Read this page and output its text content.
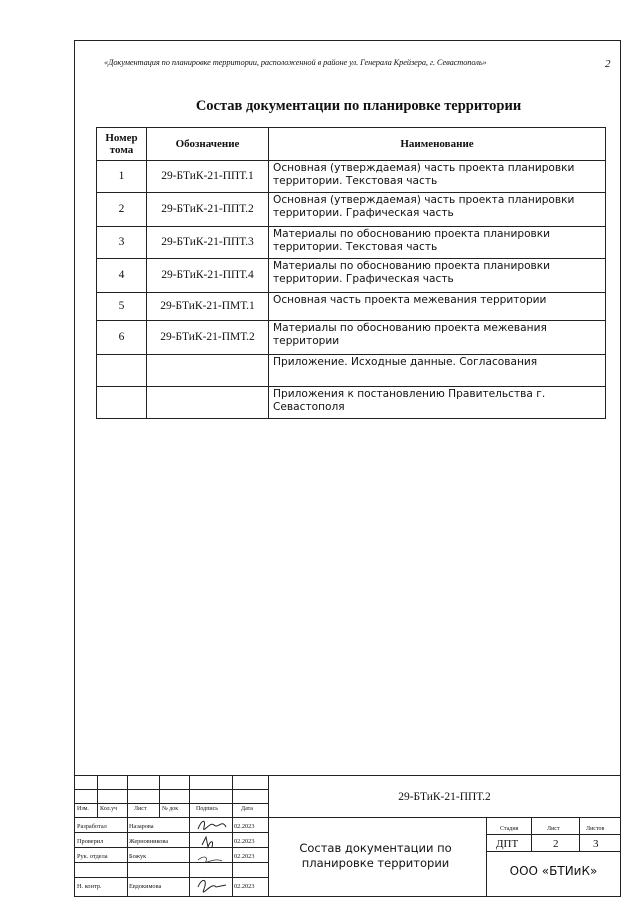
«Документация по планировке территории, расположенной в районе ул. Генерала Крейзера, г. Севастополь»	2
Состав документации по планировке территории
Номер тома	Обозначение	Наименование
1	29-БТиК-21-ППТ.1	Основная (утверждаемая) часть проекта планировки территории. Текстовая часть
2	29-БТиК-21-ППТ.2	Основная (утверждаемая) часть проекта планировки территории. Графическая часть
3	29-БТиК-21-ППТ.3	Материалы по обоснованию проекта планировки территории. Текстовая часть
4	29-БТиК-21-ППТ.4	Материалы по обоснованию проекта планировки территории. Графическая часть
5	29-БТиК-21-ПМТ.1	Основная часть проекта межевания территории
6	29-БТиК-21-ПМТ.2	Материалы по обоснованию проекта межевания территории
		Приложение. Исходные данные. Согласования
		Приложения к постановлению Правительства г. Севастополя
29-БТиК-21-ППТ.2
Состав документации по планировке территории
ООО «БТИиК»
Изм. Кол.уч	Лист	№ док	Подпись	Дата
Разработал	Назарова	02.2023
Проверил	Жерновникова	02.2023
Рук. отдела	Божук	02.2023
Н. контр.	Евдокимова	02.2023
Стадия	Лист	Листов
ДПТ	2	3
